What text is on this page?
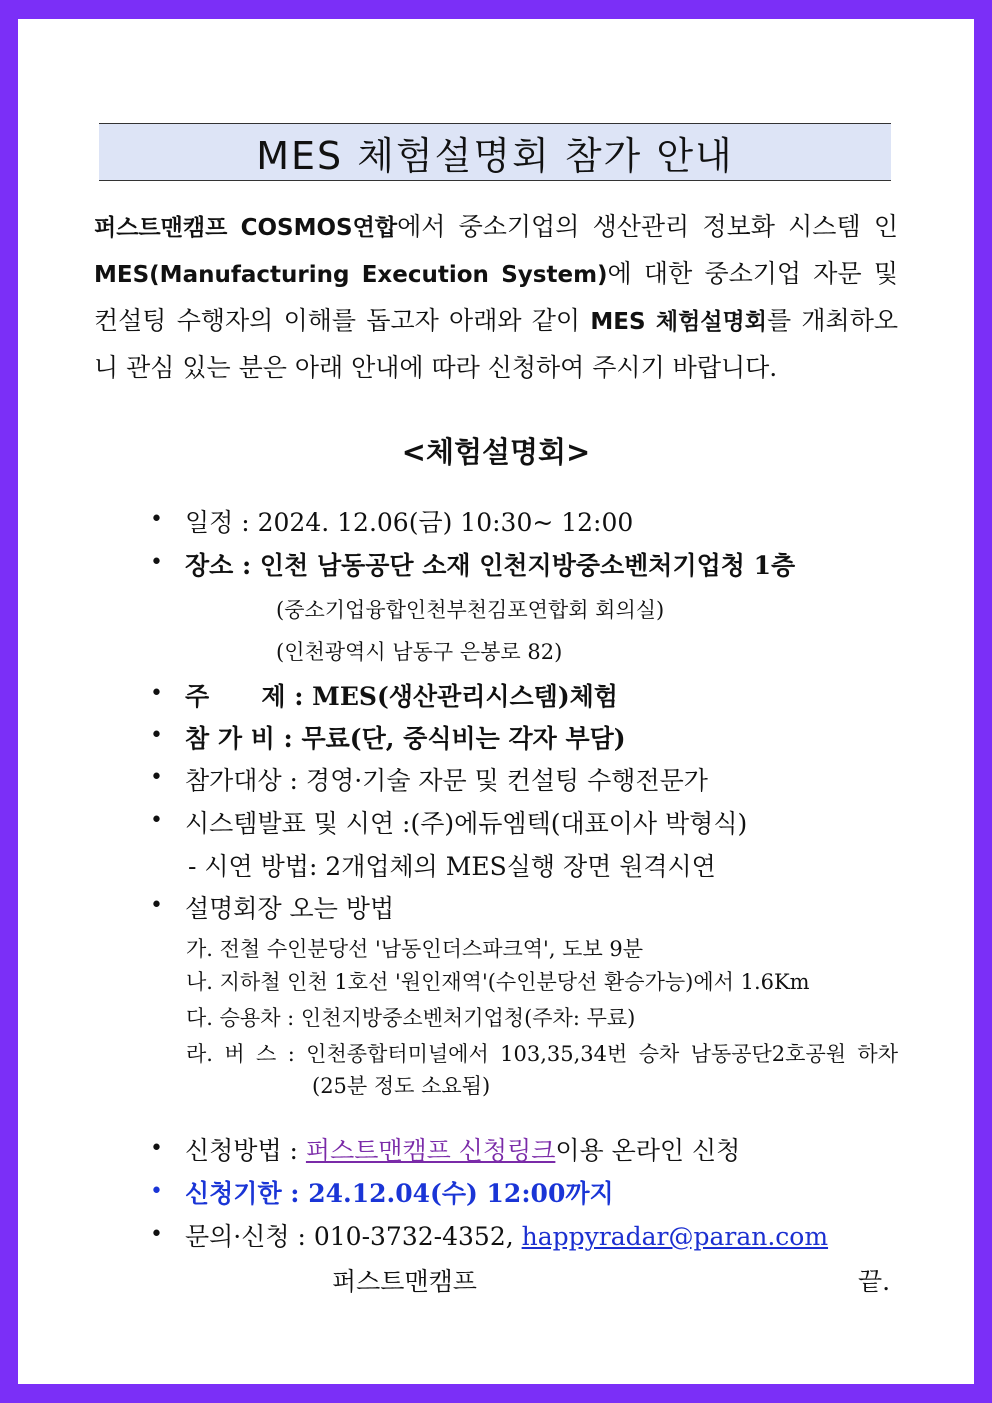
MES 체험설명회 참가 안내
퍼스트맨캠프 COSMOS연합에서 중소기업의 생산관리 정보화 시스템 인 MES(Manufacturing Execution System)에 대한 중소기업 자문 및 컨설팅 수행자의 이해를 돕고자 아래와 같이 MES 체험설명회를 개최하오니 관심 있는 분은 아래 안내에 따라 신청하여 주시기 바랍니다.
<체험설명회>
• 일정 : 2024. 12.06(금) 10:30~ 12:00
• 장소 : 인천 남동공단 소재 인천지방중소벤처기업청 1층
(중소기업융합인천부천김포연합회 회의실)
(인천광역시 남동구 은봉로 82)
• 주      제 : MES(생산관리시스템)체험
• 참 가 비 : 무료(단, 중식비는 각자 부담)
• 참가대상 : 경영·기술 자문 및 컨설팅 수행전문가
• 시스템발표 및 시연 :(주)에듀엠텍(대표이사 박형식)
- 시연 방법: 2개업체의 MES실행 장면 원격시연
• 설명회장 오는 방법
가. 전철 수인분당선 '남동인더스파크역', 도보 9분
나. 지하철 인천 1호선 '원인재역'(수인분당선 환승가능)에서 1.6Km
다. 승용차 : 인천지방중소벤처기업청(주차: 무료)
라. 버 스 : 인천종합터미널에서 103,35,34번 승차 남동공단2호공원 하차
(25분 정도 소요됨)
• 신청방법 : 퍼스트맨캠프 신청링크이용 온라인 신청
• 신청기한 : 24.12.04(수) 12:00까지
• 문의·신청 : 010-3732-4352, happyradar@paran.com
퍼스트맨캠프	끝.
